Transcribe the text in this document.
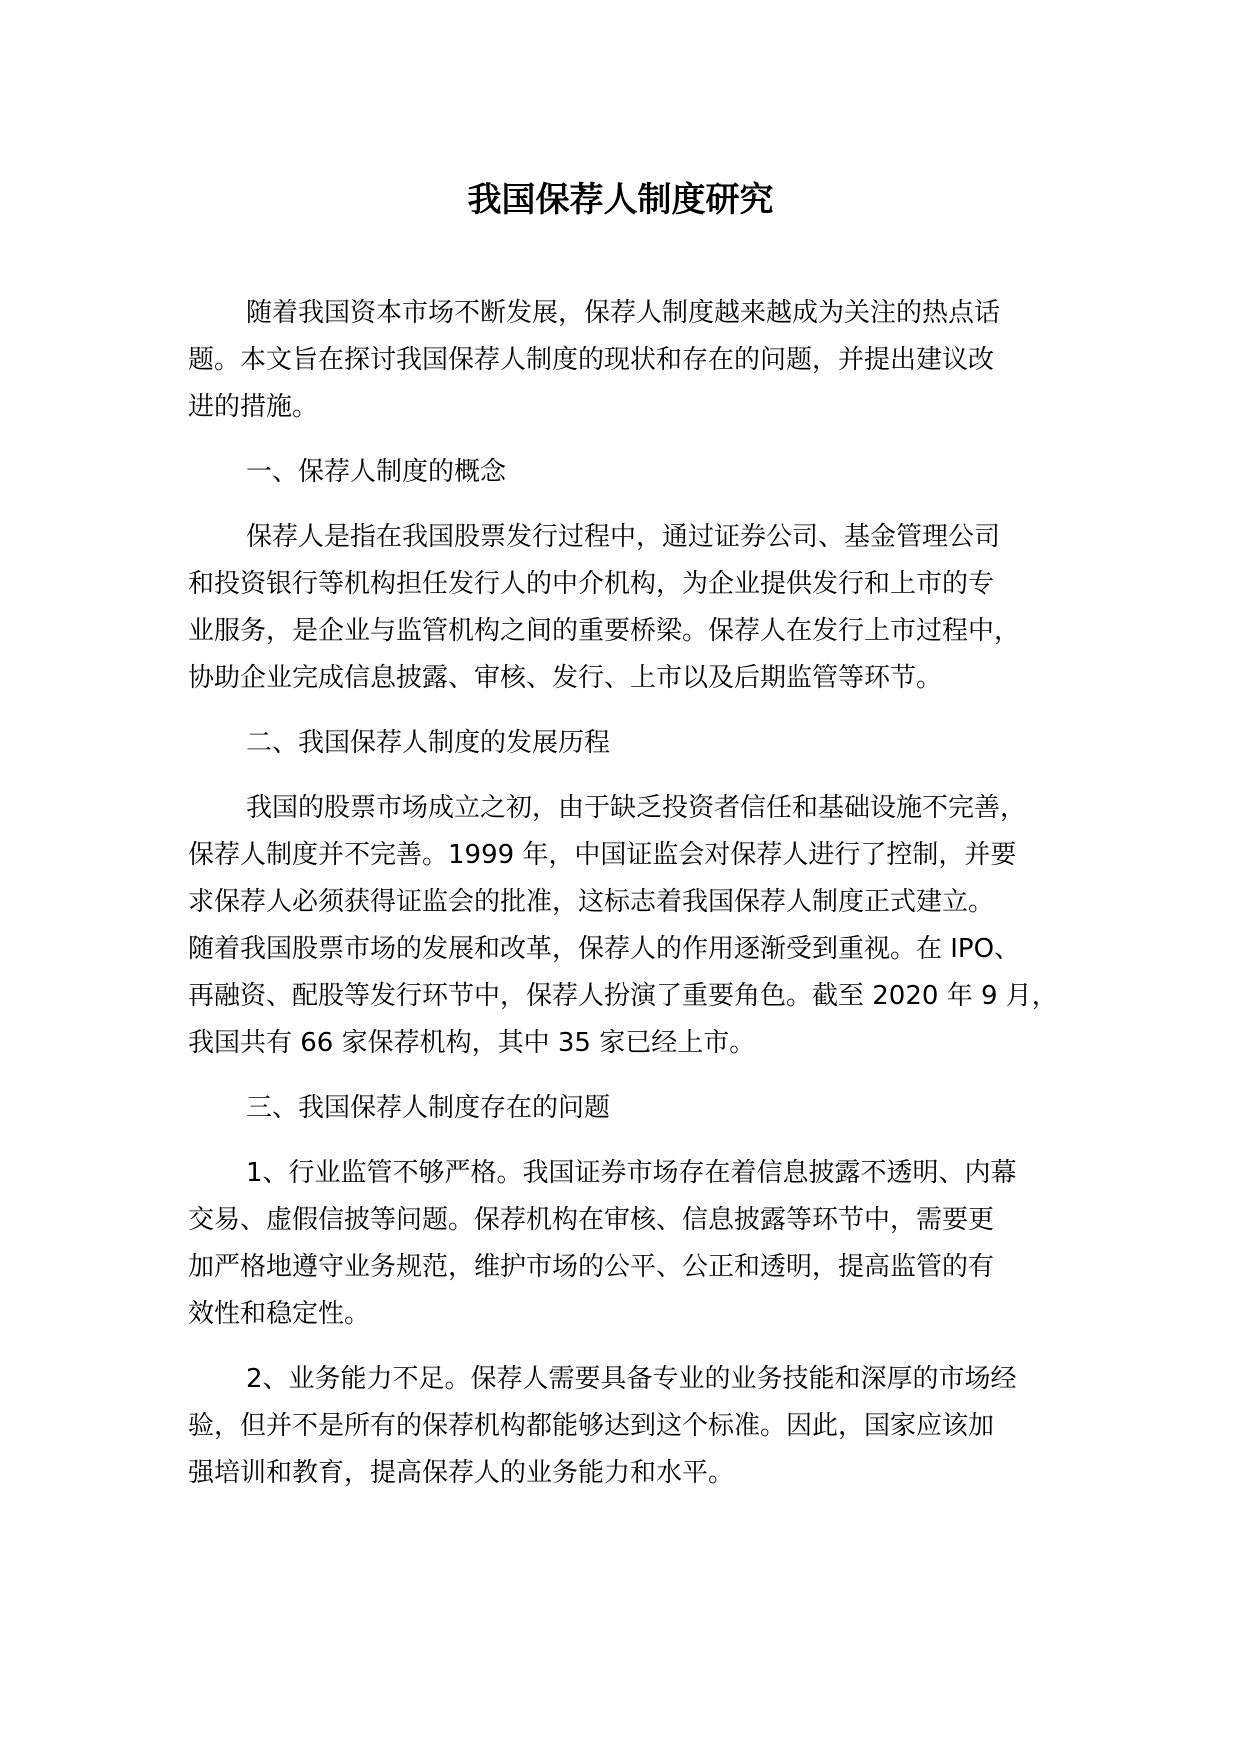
我国保荐人制度研究

随着我国资本市场不断发展，保荐人制度越来越成为关注的热点话
题。本文旨在探讨我国保荐人制度的现状和存在的问题，并提出建议改
进的措施。

一、保荐人制度的概念

保荐人是指在我国股票发行过程中，通过证券公司、基金管理公司
和投资银行等机构担任发行人的中介机构，为企业提供发行和上市的专
业服务，是企业与监管机构之间的重要桥梁。保荐人在发行上市过程中，
协助企业完成信息披露、审核、发行、上市以及后期监管等环节。

二、我国保荐人制度的发展历程

我国的股票市场成立之初，由于缺乏投资者信任和基础设施不完善，
保荐人制度并不完善。1999 年，中国证监会对保荐人进行了控制，并要
求保荐人必须获得证监会的批准，这标志着我国保荐人制度正式建立。
随着我国股票市场的发展和改革，保荐人的作用逐渐受到重视。在 IPO、
再融资、配股等发行环节中，保荐人扮演了重要角色。截至 2020 年 9 月，
我国共有 66 家保荐机构，其中 35 家已经上市。

三、我国保荐人制度存在的问题

1、行业监管不够严格。我国证券市场存在着信息披露不透明、内幕
交易、虚假信披等问题。保荐机构在审核、信息披露等环节中，需要更
加严格地遵守业务规范，维护市场的公平、公正和透明，提高监管的有
效性和稳定性。

2、业务能力不足。保荐人需要具备专业的业务技能和深厚的市场经
验，但并不是所有的保荐机构都能够达到这个标准。因此，国家应该加
强培训和教育，提高保荐人的业务能力和水平。
